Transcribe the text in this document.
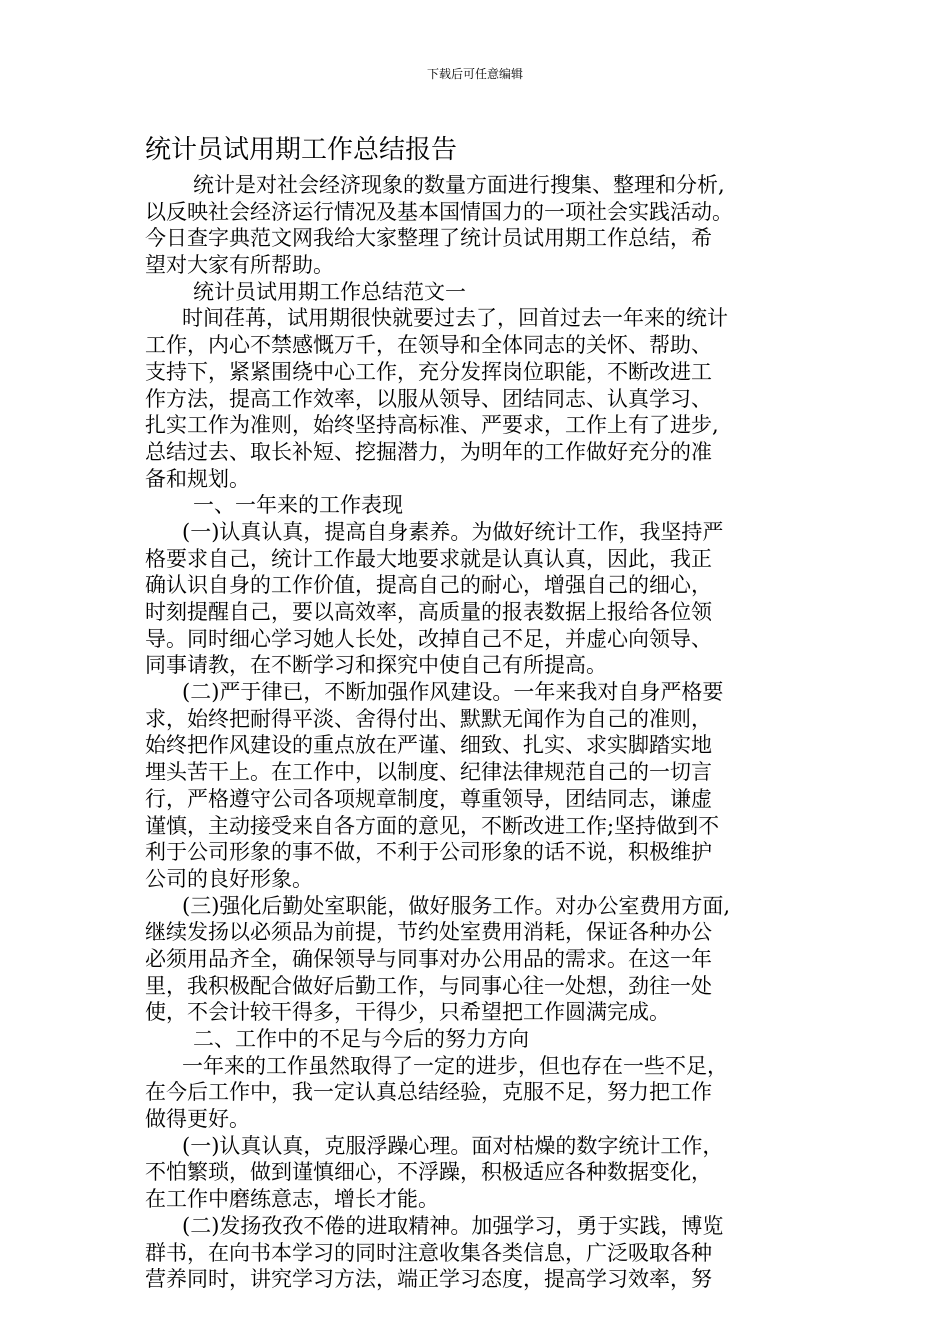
下载后可任意编辑
统计员试用期工作总结报告
统计是对社会经济现象的数量方面进行搜集、整理和分析,
以反映社会经济运行情况及基本国情国力的一项社会实践活动。
今日查字典范文网我给大家整理了统计员试用期工作总结，希
望对大家有所帮助。
统计员试用期工作总结范文一
时间荏苒，试用期很快就要过去了，回首过去一年来的统计
工作，内心不禁感慨万千，在领导和全体同志的关怀、帮助、
支持下，紧紧围绕中心工作，充分发挥岗位职能，不断改进工
作方法，提高工作效率，以服从领导、团结同志、认真学习、
扎实工作为准则，始终坚持高标准、严要求，工作上有了进步,
总结过去、取长补短、挖掘潜力，为明年的工作做好充分的准
备和规划。
一、一年来的工作表现
(一)认真认真，提高自身素养。为做好统计工作，我坚持严
格要求自己，统计工作最大地要求就是认真认真，因此，我正
确认识自身的工作价值，提高自己的耐心，增强自己的细心，
时刻提醒自己，要以高效率，高质量的报表数据上报给各位领
导。同时细心学习她人长处，改掉自己不足，并虚心向领导、
同事请教，在不断学习和探究中使自己有所提高。
(二)严于律已，不断加强作风建设。一年来我对自身严格要
求，始终把耐得平淡、舍得付出、默默无闻作为自己的准则，
始终把作风建设的重点放在严谨、细致、扎实、求实脚踏实地
埋头苦干上。在工作中，以制度、纪律法律规范自己的一切言
行，严格遵守公司各项规章制度，尊重领导，团结同志，谦虚
谨慎，主动接受来自各方面的意见，不断改进工作;坚持做到不
利于公司形象的事不做，不利于公司形象的话不说，积极维护
公司的良好形象。
(三)强化后勤处室职能，做好服务工作。对办公室费用方面,
继续发扬以必须品为前提，节约处室费用消耗，保证各种办公
必须用品齐全，确保领导与同事对办公用品的需求。在这一年
里，我积极配合做好后勤工作，与同事心往一处想，劲往一处
使，不会计较干得多，干得少，只希望把工作圆满完成。
二、工作中的不足与今后的努力方向
一年来的工作虽然取得了一定的进步，但也存在一些不足，
在今后工作中，我一定认真总结经验，克服不足，努力把工作
做得更好。
(一)认真认真，克服浮躁心理。面对枯燥的数字统计工作，
不怕繁琐，做到谨慎细心，不浮躁，积极适应各种数据变化，
在工作中磨练意志，增长才能。
(二)发扬孜孜不倦的进取精神。加强学习，勇于实践，博览
群书，在向书本学习的同时注意收集各类信息，广泛吸取各种
营养同时，讲究学习方法，端正学习态度，提高学习效率，努
